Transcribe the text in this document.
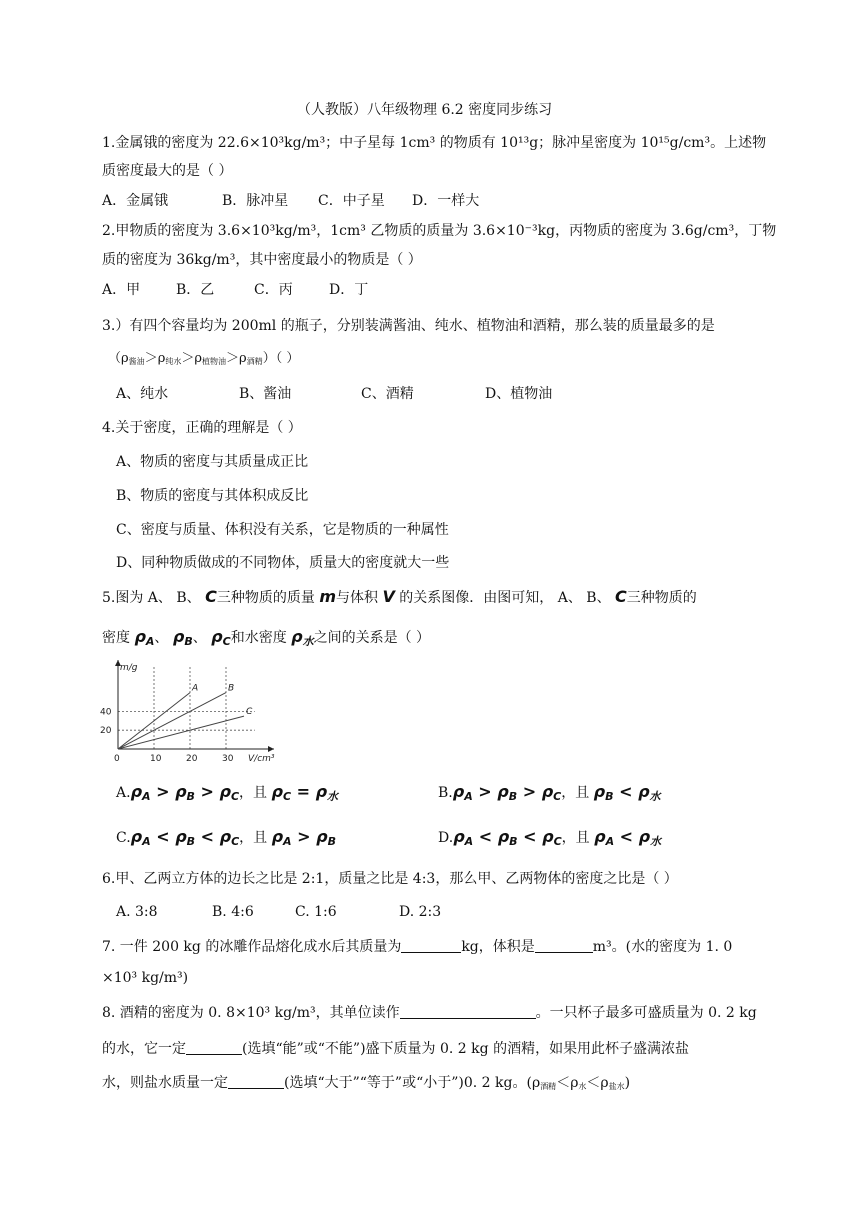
（人教版）八年级物理 6.2 密度同步练习
1.金属锇的密度为 22.6×10³kg/m³；中子星每 1cm³ 的物质有 10¹³g；脉冲星密度为 10¹⁵g/cm³。上述物
质密度最大的是（ ）
A．金属锇	B．脉冲星 C．中子星 D．一样大
2.甲物质的密度为 3.6×10³kg/m³，1cm³ 乙物质的质量为 3.6×10⁻³kg，丙物质的密度为 3.6g/cm³，丁物
质的密度为 36kg/m³，其中密度最小的物质是（ ）
A．甲	B．乙	C．丙	D．丁
3.）有四个容量均为 200ml 的瓶子，分别装满酱油、纯水、植物油和酒精，那么装的质量最多的是
$(\rho_{酱油}>\rho_{纯水}>\rho_{植物油}>\rho_{酒精})$（ ）
A、纯水	B、酱油	C、酒精	D、植物油
4.关于密度，正确的理解是（ ）
A、物质的密度与其质量成正比
B、物质的密度与其体积成反比
C、密度与质量、体积没有关系，它是物质的一种属性
D、同种物质做成的不同物体，质量大的密度就大一些
5.图为 A、 B、 C三种物质的质量 m与体积 V 的关系图像．由图可知， A、 B、 C三种物质的
密度 ρA、 ρB、 ρC和水密度 ρ水之间的关系是（ ）
A	B
C
0	10	20	30
20
40
m/g
V/cm³
A.ρA > ρB > ρC，且 ρC = ρ水	B.ρA > ρB > ρC，且 ρB < ρ水
C.ρA < ρB < ρC，且 ρA > ρB	D.ρA < ρB < ρC，且 ρA < ρ水
6.甲、乙两立方体的边长之比是 2:1，质量之比是 4:3，那么甲、乙两物体的密度之比是（ ）
A. 3:8	B. 4:6	C. 1:6	D. 2:3
7. 一件 200 kg 的冰雕作品熔化成水后其质量为	kg，体积是	m³。(水的密度为 1. 0
×10³ kg/m³)
8. 酒精的密度为 0. 8×10³ kg/m³，其单位读作	。一只杯子最多可盛质量为 0. 2 kg
的水，它一定	(选填“能”或“不能”)盛下质量为 0. 2 kg 的酒精，如果用此杯子盛满浓盐
水，则盐水质量一定	(选填“大于”“等于”或“小于”)0. 2 kg。$(\rho_{酒精}<\rho_水<\rho_{盐水})$
